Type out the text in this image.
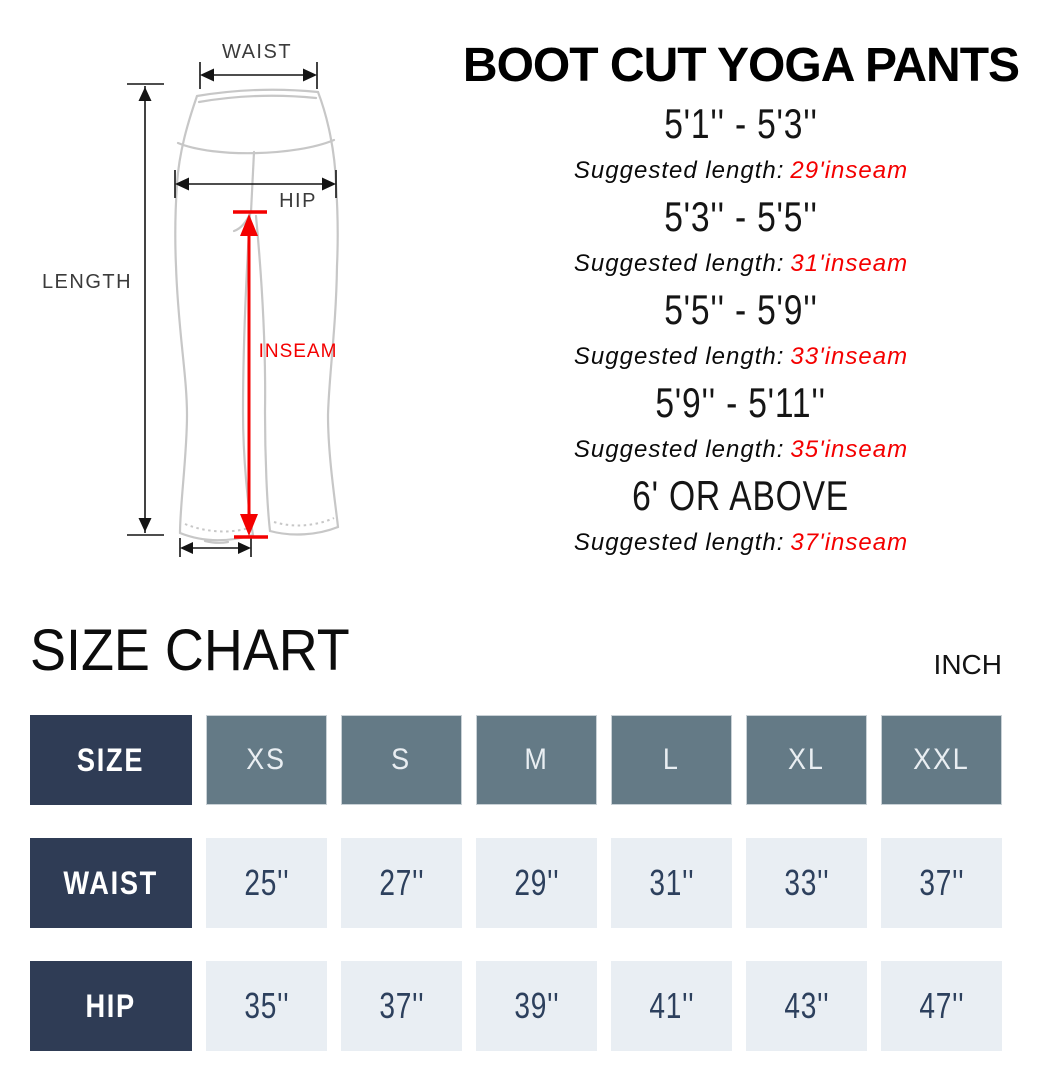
WAIST
HIP
LENGTH
INSEAM
BOOT CUT YOGA PANTS
5'1'' - 5'3''
Suggested length: 29'inseam
5'3'' - 5'5''
Suggested length: 31'inseam
5'5'' - 5'9''
Suggested length: 33'inseam
5'9'' - 5'11''
Suggested length: 35'inseam
6' OR ABOVE
Suggested length: 37'inseam
SIZE CHART	INCH
SIZE	XS	S	M	L	XL	XXL
WAIST 25'' 27'' 29'' 31'' 33'' 37''
HIP	35'' 37'' 39'' 41'' 43'' 47''
